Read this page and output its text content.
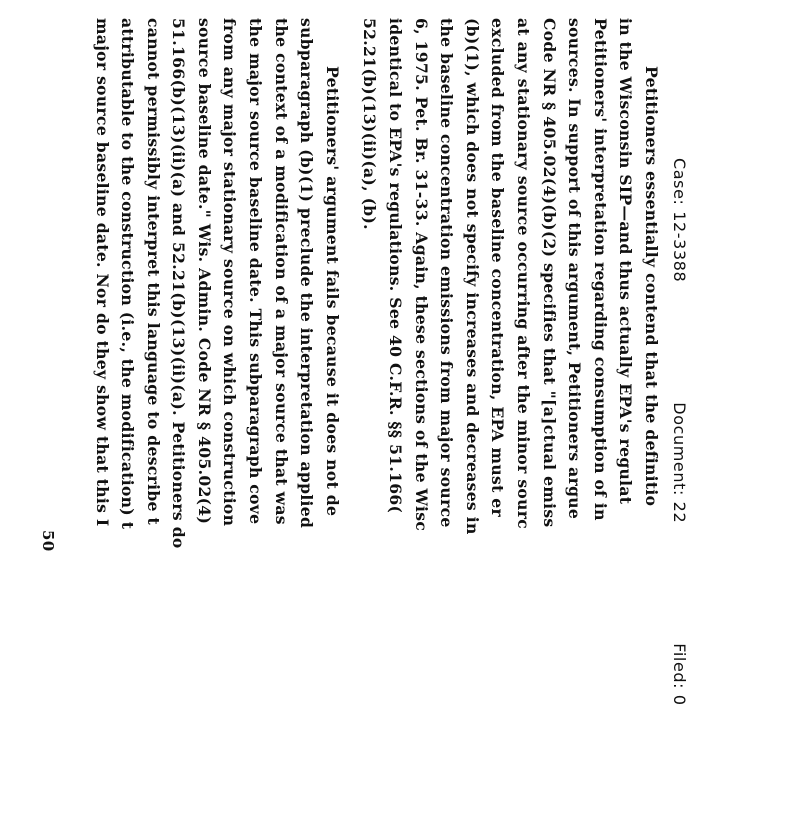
Case: 12-3388Document: 22Filed: 0
Petitioners essentially contend that the definitio
in the Wisconsin SIP—and thus actually EPA's regulat
Petitioners' interpretation regarding consumption of in
sources. In support of this argument, Petitioners argue
Code NR § 405.02(4)(b)(2) specifies that "[a]ctual emiss
at any stationary source occurring after the minor sourc
excluded from the baseline concentration, EPA must er
(b)(1), which does not specify increases and decreases in
the baseline concentration emissions from major source
6, 1975. Pet. Br. 31-33. Again, these sections of the Wisc
identical to EPA's regulations. See 40 C.F.R. §§ 51.166(
52.21(b)(13)(ii)(a), (b).
Petitioners' argument fails because it does not de
subparagraph (b)(1) preclude the interpretation applied
the context of a modification of a major source that was
the major source baseline date. This subparagraph cove
from any major stationary source on which construction
source baseline date." Wis. Admin. Code NR § 405.02(4)
51.166(b)(13)(ii)(a) and 52.21(b)(13)(ii)(a). Petitioners do
cannot permissibly interpret this language to describe t
attributable to the construction (i.e., the modification) t
major source baseline date. Nor do they show that this I
50
